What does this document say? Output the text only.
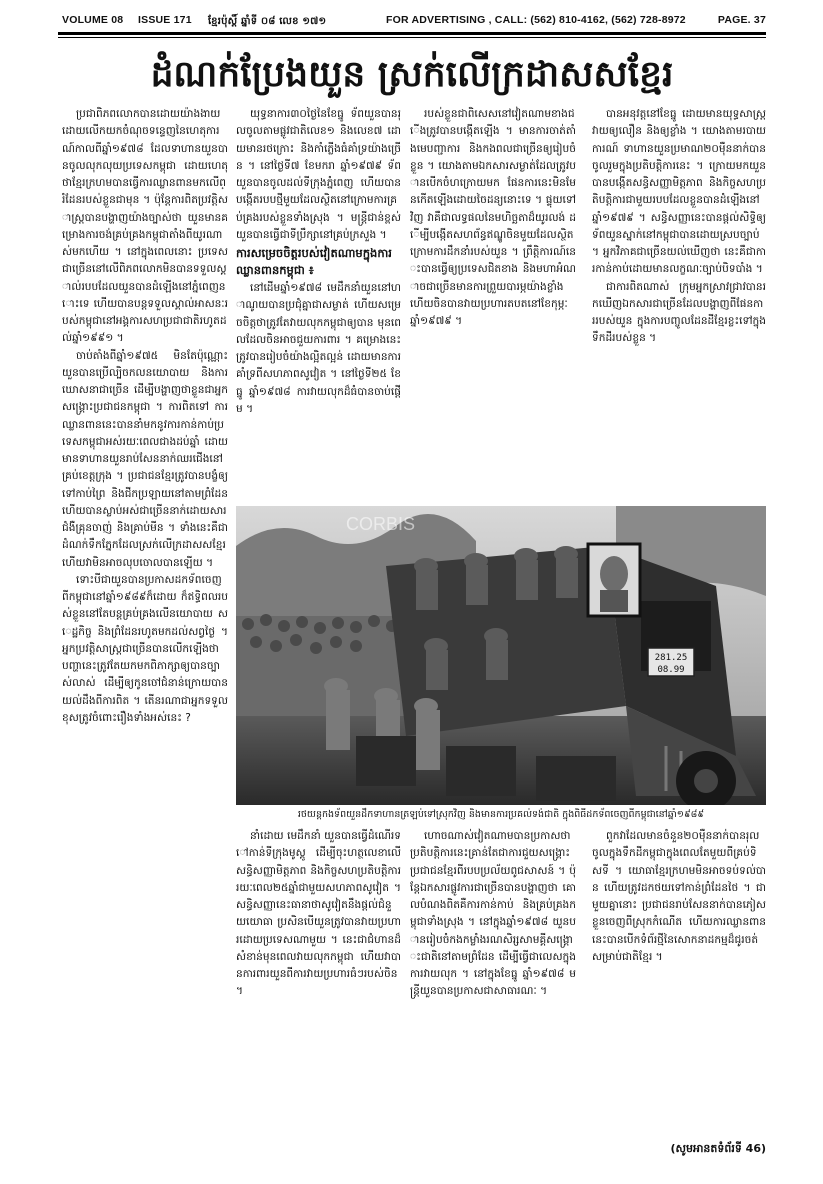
VOLUME 08 ISSUE 171 ខ្មែរប៉ុស្ដិ៍ ឆ្នាំទី ០៨ លេខ ១៧១	FOR ADVERTISING , CALL: (562) 810-4162, (562) 728-8972	PAGE. 37
ដំណក់ប្រែងយួន ស្រក់លើក្រដាសសខ្មែរ

ប្រជាពិភពលោកបានដោយយ៉ាងងាយ ដោយលើកយកចំណុចទន្ទេញនៃហេតុការណ៍កាលពីឆ្នាំ១៩៧៨ ដែលទាហានយួនបានចូលលុកលុយប្រទេសកម្ពុជា ដោយហេតុថាខ្មែរក្រហមបានធ្វើការឈ្លានពានមកលើព្រំដែនរបស់ខ្លួនជាមុន ។ ប៉ុន្តែការពិតប្រវត្តិសាស្ត្របានបង្ហាញយ៉ាងច្បាស់ថា យួនមានគម្រោងការចង់គ្រប់គ្រងកម្ពុជាតាំងពីយូរណាស់មកហើយ ។ នៅក្នុងពេលនោះ ប្រទេសជាច្រើននៅលើពិភពលោកមិនបានទទួលស្គាល់របបដែលយួនបានដំឡើងនៅភ្នំពេញនោះទេ ហើយបានបន្តទទួលស្គាល់អាសនៈរបស់កម្ពុជានៅអង្គការសហប្រជាជាតិរហូតដល់ឆ្នាំ១៩៩១ ។

ចាប់តាំងពីឆ្នាំ១៩៧៥ មិនតែប៉ុណ្ណោះ យួនបានប្រើល្បិចកលនយោបាយ និងការឃោសនាជាច្រើន ដើម្បីបង្ហាញថាខ្លួនជាអ្នកសង្គ្រោះប្រជាជនកម្ពុជា ។ ការពិតទៅ ការឈ្លានពាននេះបាននាំមកនូវការកាន់កាប់ប្រទេសកម្ពុជាអស់រយៈពេលជាងដប់ឆ្នាំ ដោយមានទាហានយួនរាប់សែននាក់ឈរជើងនៅគ្រប់ខេត្តក្រុង ។ ប្រជាជនខ្មែរត្រូវបានបង្ខំឲ្យទៅកាប់ព្រៃ និងជីកប្រឡាយនៅតាមព្រំដែន ហើយបានស្លាប់អស់ជាច្រើននាក់ដោយសារជំងឺគ្រុនចាញ់ និងគ្រាប់មីន ។ ទាំងនេះគឺជាដំណក់ទឹកភ្នែកដែលស្រក់លើក្រដាសសខ្មែរ ហើយវាមិនអាចលុបចោលបានឡើយ ។

ទោះបីជាយួនបានប្រកាសដកទ័ពចេញពីកម្ពុជានៅឆ្នាំ១៩៨៩ក៏ដោយ ក៏ឥទ្ធិពលរបស់ខ្លួននៅតែបន្តគ្រប់គ្រងលើនយោបាយ សេដ្ឋកិច្ច និងព្រំដែនរហូតមកដល់សព្វថ្ងៃ ។ អ្នកប្រវត្តិសាស្ត្រជាច្រើនបានលើកឡើងថា បញ្ហានេះត្រូវតែយកមកពិភាក្សាឲ្យបានច្បាស់លាស់ ដើម្បីឲ្យកូនចៅជំនាន់ក្រោយបានយល់ដឹងពីការពិត ។ តើនរណាជាអ្នកទទួលខុសត្រូវចំពោះរឿងទាំងអស់នេះ ?

យុទ្ធនាការ៣០ថ្ងៃនៃខែធ្នូ ទ័ពយួនបានរុលចូលតាមផ្លូវជាតិលេខ១ និងលេខ៧ ដោយមានរថក្រោះ និងកាំភ្លើងធំគាំទ្រយ៉ាងច្រើន ។ នៅថ្ងៃទី៧ ខែមករា ឆ្នាំ១៩៧៩ ទ័ពយួនបានចូលដល់ទីក្រុងភ្នំពេញ ហើយបានបង្កើតរបបថ្មីមួយដែលស្ថិតនៅក្រោមការគ្រប់គ្រងរបស់ខ្លួនទាំងស្រុង ។ មន្ត្រីជាន់ខ្ពស់យួនបានធ្វើជាទីប្រឹក្សានៅគ្រប់ក្រសួង ។

ការសម្រេចចិត្តរបស់វៀតណាមក្នុងការឈ្លានពានកម្ពុជា ៖

នៅដើមឆ្នាំ១៩៧៨ មេដឹកនាំយួននៅហាណូយបានប្រជុំគ្នាជាសម្ងាត់ ហើយសម្រេចចិត្តថាត្រូវតែវាយលុកកម្ពុជាឲ្យបាន មុនពេលដែលចិនអាចជួយការពារ ។ គម្រោងនេះត្រូវបានរៀបចំយ៉ាងល្អិតល្អន់ ដោយមានការគាំទ្រពីសហភាពសូវៀត ។ នៅថ្ងៃទី២៥ ខែធ្នូ ឆ្នាំ១៩៧៨ ការវាយលុកដ៏ធំបានចាប់ផ្តើម ។

របស់ខ្លួនជាពិសេសនៅវៀតណាមខាងជើងត្រូវបានបង្កើតឡើង ។ មានការចាត់តាំងមេបញ្ជាការ និងកងពលជាច្រើនឲ្យរៀបចំខ្លួន ។ យោងតាមឯកសារសម្ងាត់ដែលត្រូវបានបើកចំហក្រោយមក ផែនការនេះមិនមែនកើតឡើងដោយចៃដន្យនោះទេ ។ ផ្ទុយទៅវិញ វាគឺជាលទ្ធផលនៃមហិច្ឆតាដ៏យូរលង់ ដើម្បីបង្កើតសហព័ន្ធឥណ្ឌូចិនមួយដែលស្ថិតក្រោមការដឹកនាំរបស់យួន ។ ព្រឹត្តិការណ៍នេះបានធ្វើឲ្យប្រទេសជិតខាង និងមហាអំណាចជាច្រើនមានការព្រួយបារម្ភយ៉ាងខ្លាំង ហើយចិនបានវាយប្រហារតបតនៅខែកុម្ភៈ ឆ្នាំ១៩៧៩ ។

បានអនុវត្តនៅខែធ្នូ ដោយមានយុទ្ធសាស្ត្រវាយឲ្យលឿន និងឲ្យខ្លាំង ។ យោងតាមរបាយការណ៍ ទាហានយួនប្រមាណ២០ម៉ឺននាក់បានចូលរួមក្នុងប្រតិបត្តិការនេះ ។ ក្រោយមកយួនបានបង្កើតសន្ធិសញ្ញាមិត្តភាព និងកិច្ចសហប្រតិបត្តិការជាមួយរបបដែលខ្លួនបានដំឡើងនៅឆ្នាំ១៩៧៩ ។ សន្ធិសញ្ញានេះបានផ្តល់សិទ្ធិឲ្យទ័ពយួនស្នាក់នៅកម្ពុជាបានដោយស្របច្បាប់ ។ អ្នកវិភាគជាច្រើនយល់ឃើញថា នេះគឺជាការកាន់កាប់ដោយមានលក្ខណៈច្បាប់បិទបាំង ។

ជាការពិតណាស់ ក្រុមអ្នកស្រាវជ្រាវបានរកឃើញឯកសារជាច្រើនដែលបង្ហាញពីផែនការរបស់យួន ក្នុងការបញ្ចូលដែនដីខ្មែរខ្លះទៅក្នុងទឹកដីរបស់ខ្លួន ។

281.25
08.99
CORBIS
រថយន្តកងទ័ពយួនដឹកទាហានត្រឡប់ទៅស្រុកវិញ និងមានការប្រគល់ទង់ជាតិ ក្នុងពិធីដកទ័ពចេញពីកម្ពុជានៅឆ្នាំ១៩៨៩

នាំដោយ មេដឹកនាំ យួនបានធ្វើដំណើរទៅកាន់ទីក្រុងមូស្គូ ដើម្បីចុះហត្ថលេខាលើសន្ធិសញ្ញាមិត្តភាព និងកិច្ចសហប្រតិបត្តិការរយៈពេល២៥ឆ្នាំជាមួយសហភាពសូវៀត ។ សន្ធិសញ្ញានេះធានាថាសូវៀតនឹងផ្តល់ជំនួយយោធា ប្រសិនបើយួនត្រូវបានវាយប្រហារដោយប្រទេសណាមួយ ។ នេះជាជំហានដ៏សំខាន់មុនពេលវាយលុកកម្ពុជា ហើយវាបានការពារយួនពីការវាយប្រហារធំៗរបស់ចិន ។

ហោចណាស់វៀតណាមបានប្រកាសថា ប្រតិបត្តិការនេះគ្រាន់តែជាការជួយសង្គ្រោះប្រជាជនខ្មែរពីរបបប្រល័យពូជសាសន៍ ។ ប៉ុន្តែឯកសារផ្លូវការជាច្រើនបានបង្ហាញថា គោលបំណងពិតគឺការកាន់កាប់ និងគ្រប់គ្រងកម្ពុជាទាំងស្រុង ។ នៅក្នុងឆ្នាំ១៩៧៨ យួនបានរៀបចំកងកម្លាំងរណសិរ្សសាមគ្គីសង្គ្រោះជាតិនៅតាមព្រំដែន ដើម្បីធ្វើជាលេសក្នុងការវាយលុក ។ នៅក្នុងខែធ្នូ ឆ្នាំ១៩៧៨ មន្ត្រីយួនបានប្រកាសជាសាធារណៈ ។

ពួកវាដែលមានចំនួន២០ម៉ឺននាក់បានរុលចូលក្នុងទឹកដីកម្ពុជាក្នុងពេលតែមួយពីគ្រប់ទិសទី ។ យោធាខ្មែរក្រហមមិនអាចទប់ទល់បាន ហើយត្រូវដកថយទៅកាន់ព្រំដែនថៃ ។ ជាមួយគ្នានោះ ប្រជាជនរាប់សែននាក់បានភៀសខ្លួនចេញពីស្រុកកំណើត ហើយការឈ្លានពាននេះបានបើកទំព័រថ្មីនៃសោកនាដកម្មដ៏ជូរចត់សម្រាប់ជាតិខ្មែរ ។

(សូមអានតទំព័រទី 46)
